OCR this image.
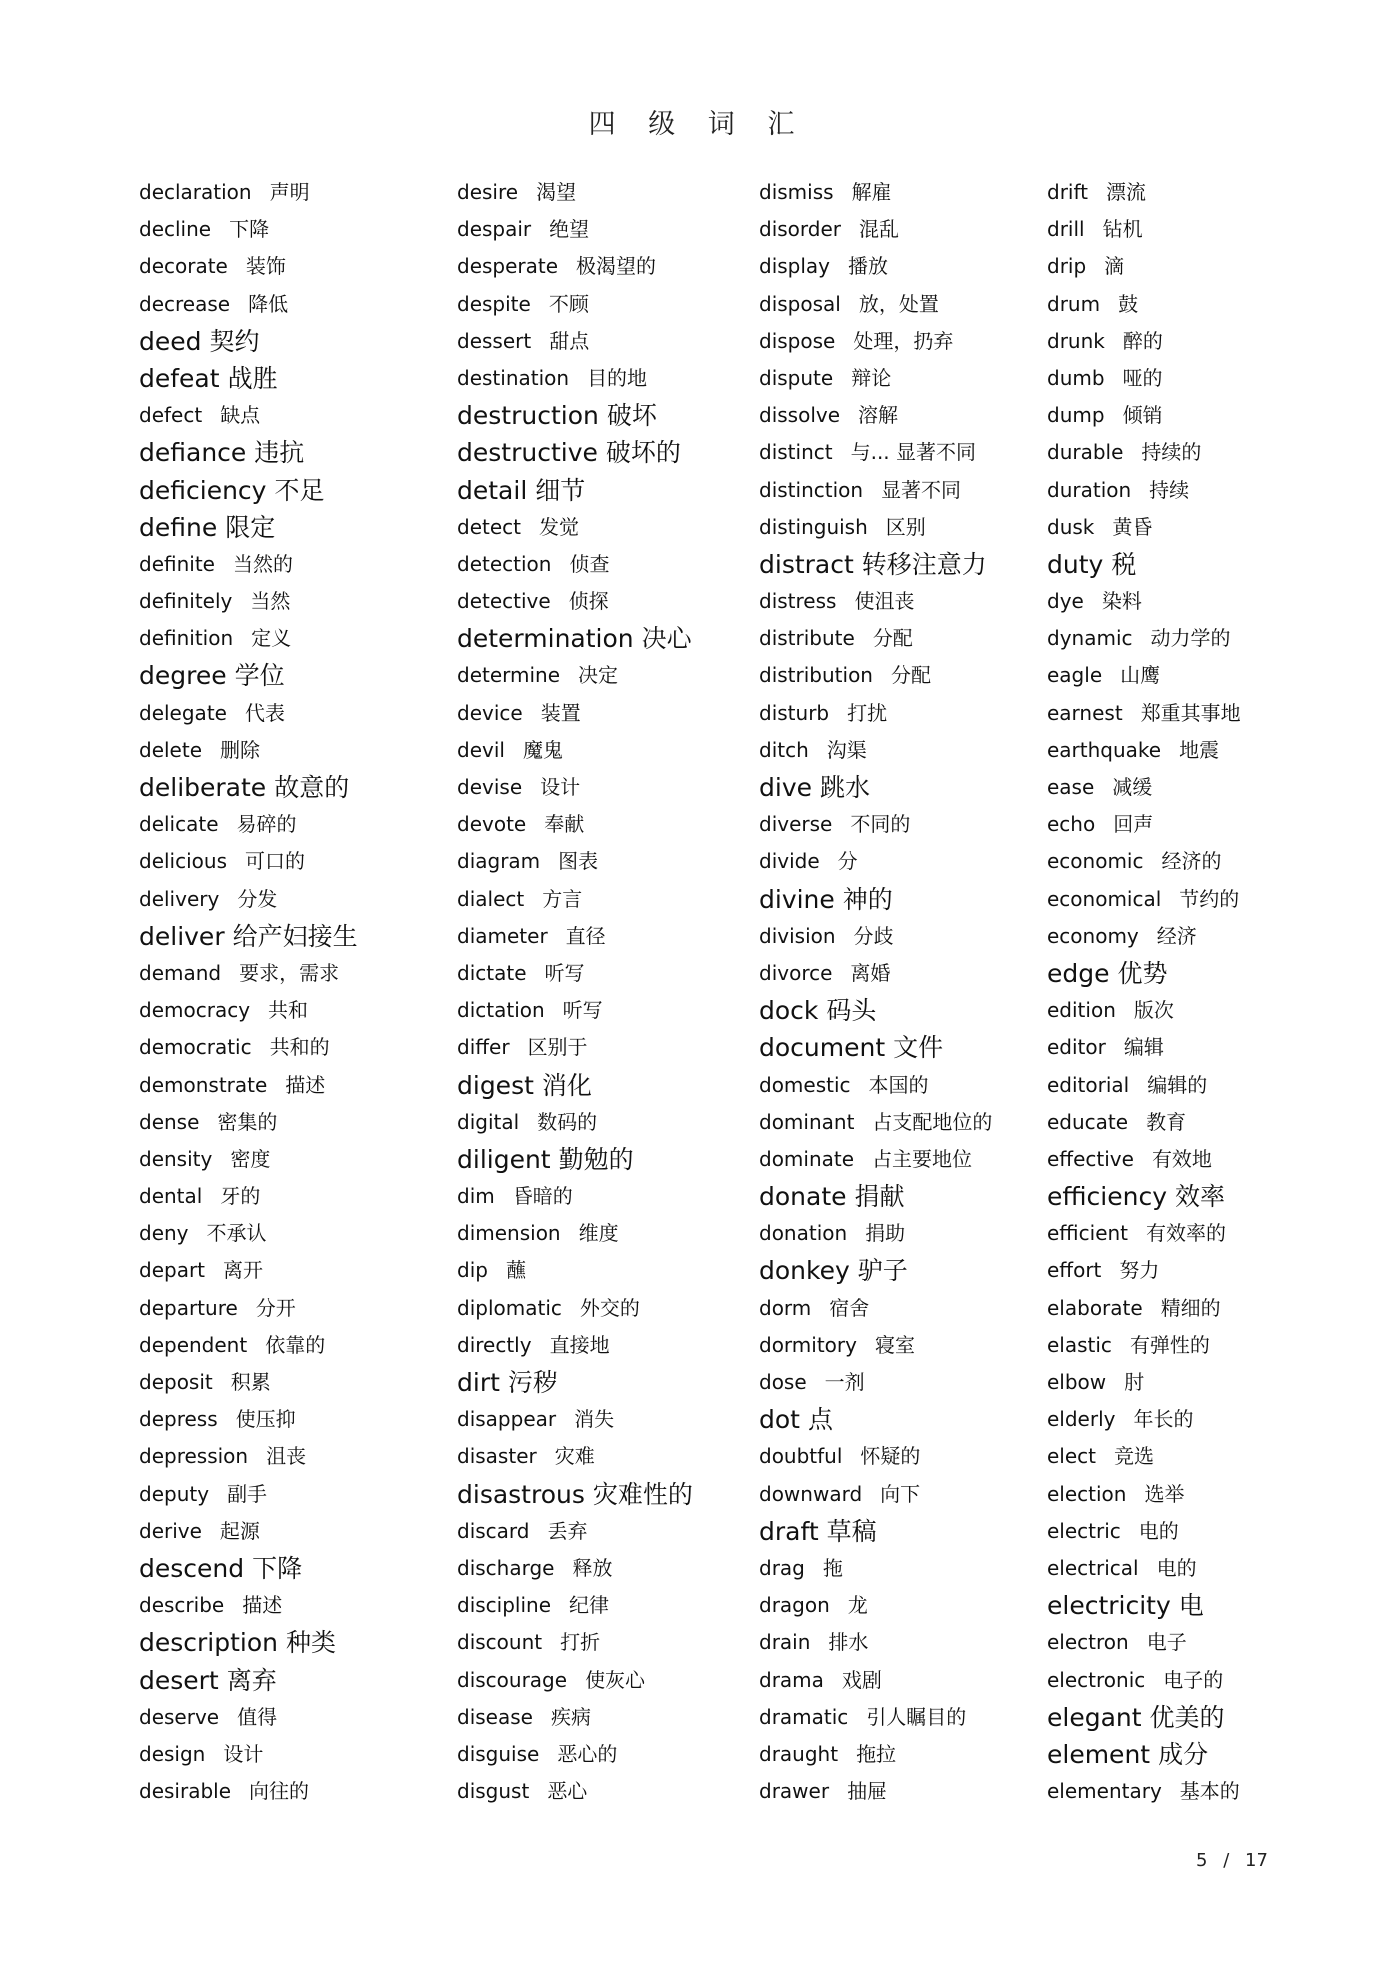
四 级 词 汇
declaration 声明
decline 下降
decorate 装饰
decrease 降低
deed 契约
defeat 战胜
defect 缺点
defiance 违抗
deficiency 不足
define 限定
definite 当然的
definitely 当然
definition 定义
degree 学位
delegate 代表
delete 删除
deliberate 故意的
delicate 易碎的
delicious 可口的
delivery 分发
deliver 给产妇接生
demand 要求，需求
democracy 共和
democratic 共和的
demonstrate 描述
dense 密集的
density 密度
dental 牙的
deny 不承认
depart 离开
departure 分开
dependent 依靠的
deposit 积累
depress 使压抑
depression 沮丧
deputy 副手
derive 起源
descend 下降
describe 描述
description 种类
desert 离弃
deserve 值得
design 设计
desirable 向往的
desire 渴望
despair 绝望
desperate 极渴望的
despite 不顾
dessert 甜点
destination 目的地
destruction 破坏
destructive 破坏的
detail 细节
detect 发觉
detection 侦查
detective 侦探
determination 决心
determine 决定
device 装置
devil 魔鬼
devise 设计
devote 奉献
diagram 图表
dialect 方言
diameter 直径
dictate 听写
dictation 听写
differ 区别于
digest 消化
digital 数码的
diligent 勤勉的
dim 昏暗的
dimension 维度
dip 蘸
diplomatic 外交的
directly 直接地
dirt 污秽
disappear 消失
disaster 灾难
disastrous 灾难性的
discard 丢弃
discharge 释放
discipline 纪律
discount 打折
discourage 使灰心
disease 疾病
disguise 恶心的
disgust 恶心
dismiss 解雇
disorder 混乱
display 播放
disposal 放，处置
dispose 处理，扔弃
dispute 辩论
dissolve 溶解
distinct 与... 显著不同
distinction 显著不同
distinguish 区别
distract 转移注意力
distress 使沮丧
distribute 分配
distribution 分配
disturb 打扰
ditch 沟渠
dive 跳水
diverse 不同的
divide 分
divine 神的
division 分歧
divorce 离婚
dock 码头
document 文件
domestic 本国的
dominant 占支配地位的
dominate 占主要地位
donate 捐献
donation 捐助
donkey 驴子
dorm 宿舍
dormitory 寝室
dose 一剂
dot 点
doubtful 怀疑的
downward 向下
draft 草稿
drag 拖
dragon 龙
drain 排水
drama 戏剧
dramatic 引人瞩目的
draught 拖拉
drawer 抽屉
drift 漂流
drill 钻机
drip 滴
drum 鼓
drunk 醉的
dumb 哑的
dump 倾销
durable 持续的
duration 持续
dusk 黄昏
duty 税
dye 染料
dynamic 动力学的
eagle 山鹰
earnest 郑重其事地
earthquake 地震
ease 减缓
echo 回声
economic 经济的
economical 节约的
economy 经济
edge 优势
edition 版次
editor 编辑
editorial 编辑的
educate 教育
effective 有效地
efficiency 效率
efficient 有效率的
effort 努力
elaborate 精细的
elastic 有弹性的
elbow 肘
elderly 年长的
elect 竞选
election 选举
electric 电的
electrical 电的
electricity 电
electron 电子
electronic 电子的
elegant 优美的
element 成分
elementary 基本的
5 / 17
